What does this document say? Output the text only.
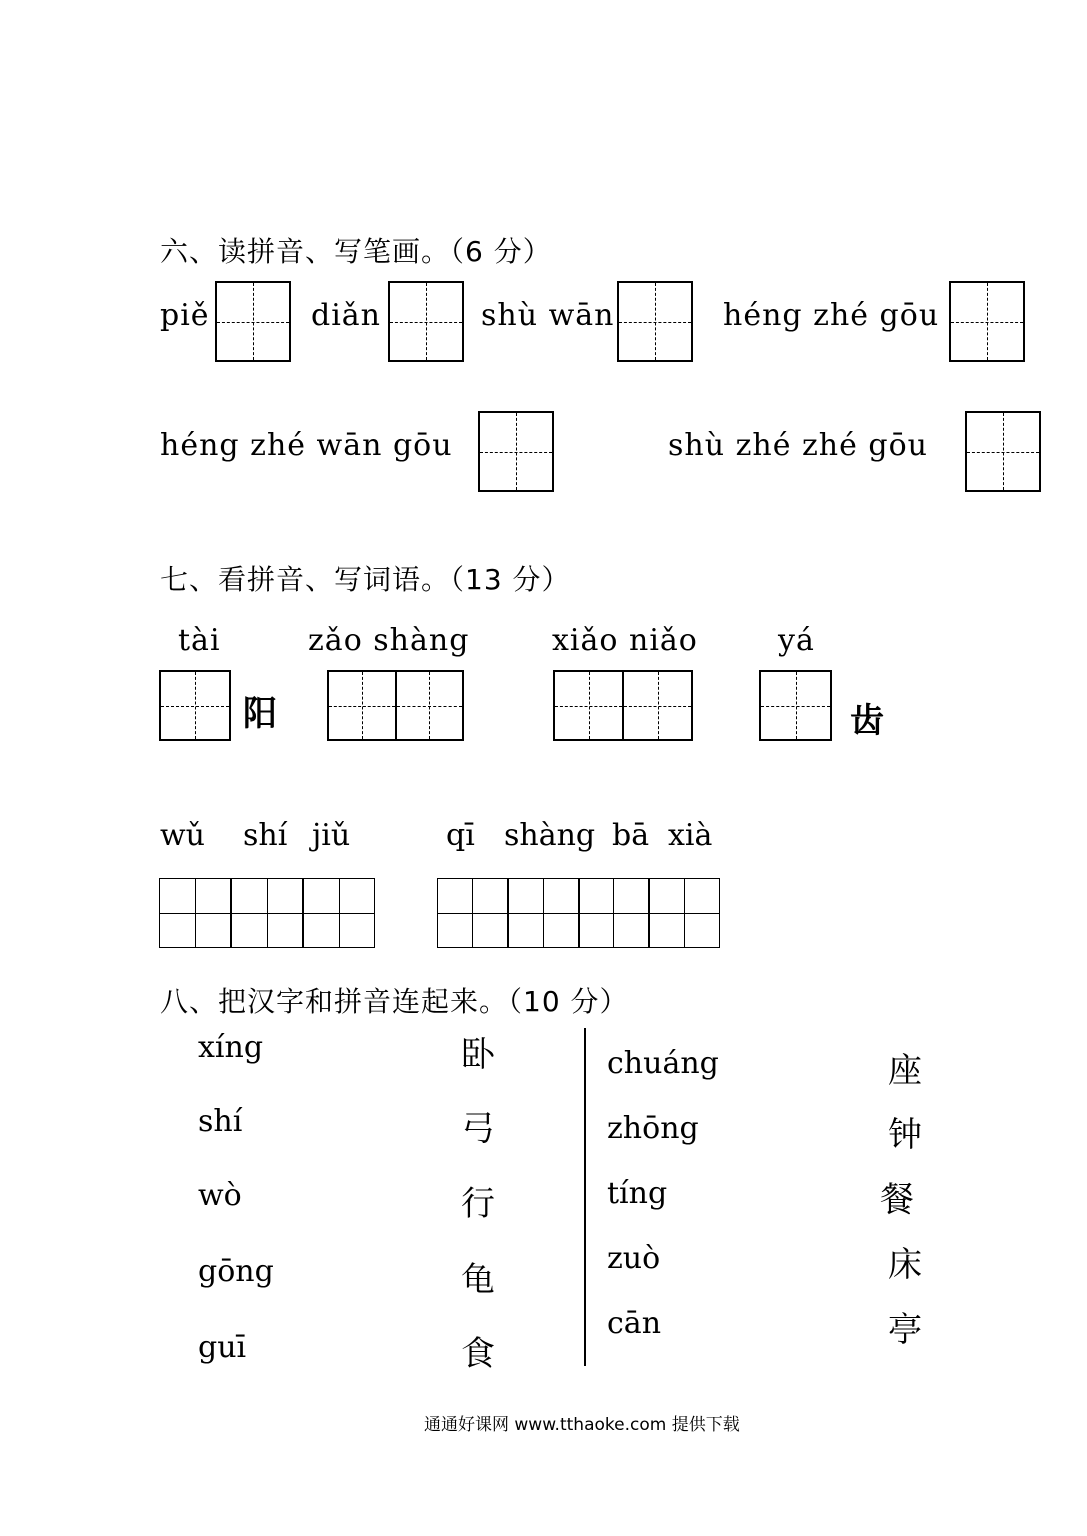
六、读拼音、写笔画。（6 分）
piě	diǎn	shù wān	héng zhé gōu
héng zhé wān gōu	shù zhé zhé gōu
七、看拼音、写词语。（13 分）
tài
阳
zǎo shàng	xiǎo niǎo	yá
齿
wǔ shí jiǔ	qī shàng bā xià
八、把汉字和拼音连起来。（10 分）
xíng
shí
wò
gōng
guī
卧
弓
行
龟
食
chuáng
zhōng
tíng
zuò
cān
座
钟
餐
床
亭
通通好课网 www.tthaoke.com 提供下载
